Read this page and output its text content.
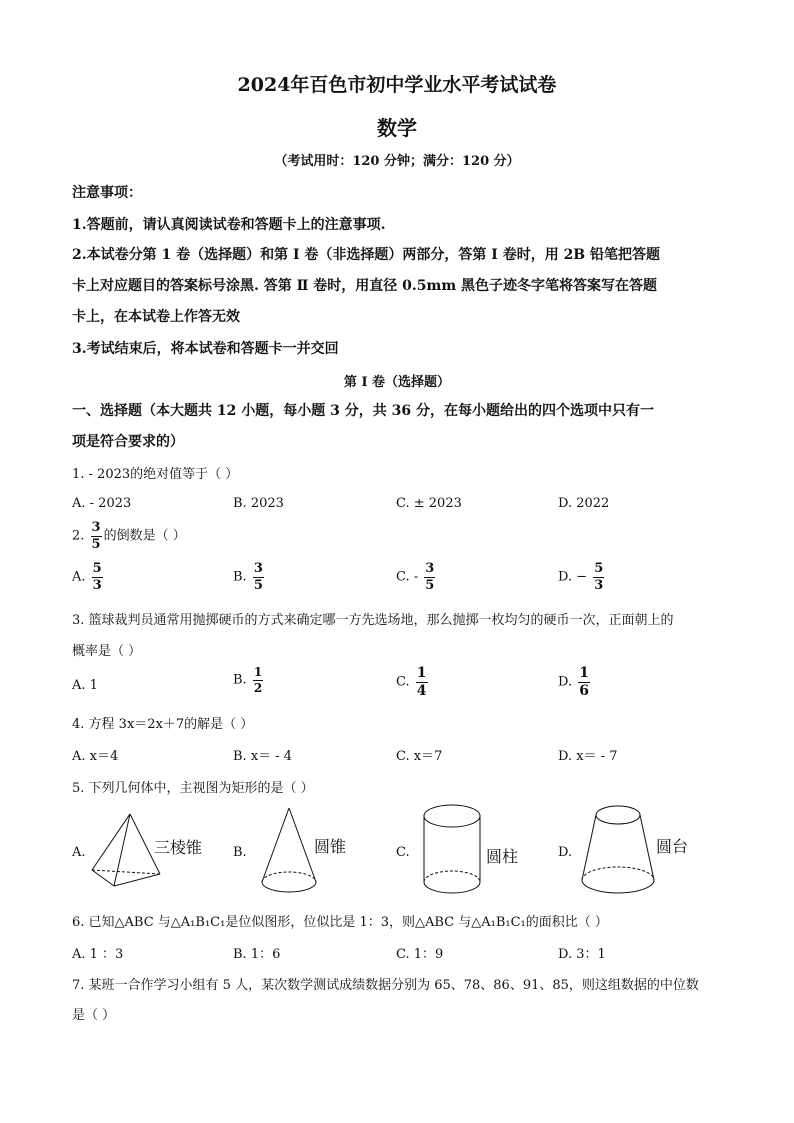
2024年百色市初中学业水平考试试卷
数学
（考试用时：120 分钟；满分：120 分）
注意事项：
1.答题前，请认真阅读试卷和答题卡上的注意事项.
2.本试卷分第 1 卷（选择题）和第 Ⅰ 卷（非选择题）两部分，答第 Ⅰ 卷时，用 2B 铅笔把答题
卡上对应题目的答案标号涂黑. 答第 Ⅱ 卷时，用直径 0.5mm 黑色子迹冬字笔将答案写在答题
卡上，在本试卷上作答无效
3.考试结束后，将本试卷和答题卡一并交回
第 Ⅰ 卷（选择题）
一、选择题（本大题共 12 小题，每小题 3 分，共 36 分，在每小题给出的四个选项中只有一
项是符合要求的）
1. - 2023的绝对值等于（ ）
A. - 2023	B. 2023	C. ± 2023	D. 2022
2. $\frac{3}{5}$ 的倒数是（ ）
A. $\frac{5}{3}$	B. $\frac{3}{5}$	C. - $\frac{3}{5}$	D. − $\frac{5}{3}$
3. 篮球裁判员通常用抛掷硬币的方式来确定哪一方先选场地，那么抛掷一枚均匀的硬币一次，正面朝上的
概率是（ ）
A. 1	B. $\frac{1}{2}$	C. $\frac{1}{4}$	D. $\frac{1}{6}$
4. 方程 3x＝2x＋7的解是（ ）
A. x＝4	B. x＝ - 4	C. x＝7	D. x＝ - 7
5. 下列几何体中，主视图为矩形的是（ ）
A.	三棱锥 B.	圆锥	C.	圆柱	D.	圆台
6. 已知△ABC 与△A₁B₁C₁是位似图形，位似比是 1：3，则△ABC 与△A₁B₁C₁的面积比（ ）
A. 1 ：3	B. 1：6	C. 1：9	D. 3：1
7. 某班一合作学习小组有 5 人，某次数学测试成绩数据分别为 65、78、86、91、85，则这组数据的中位数
是（ ）
